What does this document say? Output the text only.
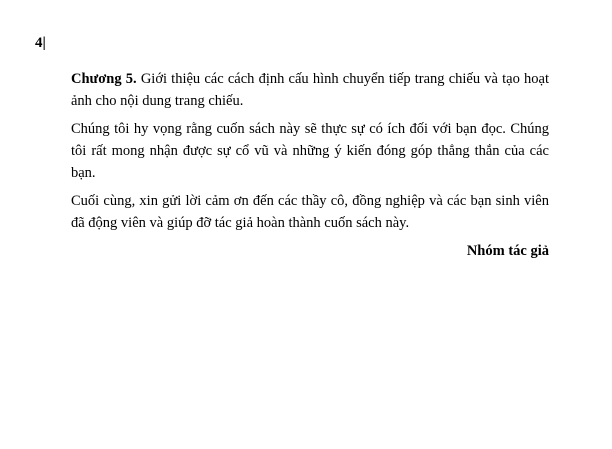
4|

Chương 5. Giới thiệu các cách định cấu hình chuyển tiếp trang chiếu và tạo hoạt ảnh cho nội dung trang chiếu.

Chúng tôi hy vọng rằng cuốn sách này sẽ thực sự có ích đối với bạn đọc. Chúng tôi rất mong nhận được sự cổ vũ và những ý kiến đóng góp thẳng thắn của các bạn.

Cuối cùng, xin gửi lời cảm ơn đến các thầy cô, đồng nghiệp và các bạn sinh viên đã động viên và giúp đỡ tác giả hoàn thành cuốn sách này.

Nhóm tác giả
